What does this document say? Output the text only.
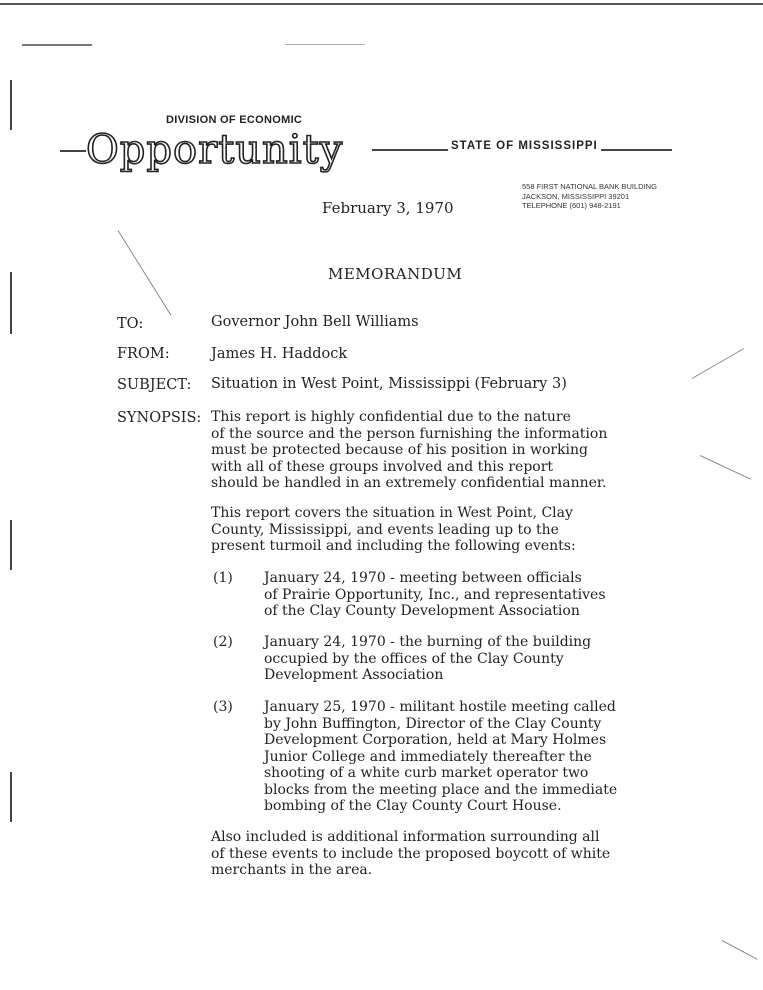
DIVISION OF ECONOMIC
Opportunity	STATE OF MISSISSIPPI
558 FIRST NATIONAL BANK BUILDING
JACKSON, MISSISSIPPI 39201
TELEPHONE (601) 948-2191
February 3, 1970
MEMORANDUM
TO:	Governor John Bell Williams
FROM:	James H. Haddock
SUBJECT: Situation in West Point, Mississippi (February 3)
SYNOPSIS: This report is highly confidential due to the nature
of the source and the person furnishing the information
must be protected because of his position in working
with all of these groups involved and this report
should be handled in an extremely confidential manner.
This report covers the situation in West Point, Clay
County, Mississippi, and events leading up to the
present turmoil and including the following events:
(1) January 24, 1970 - meeting between officials
of Prairie Opportunity, Inc., and representatives
of the Clay County Development Association
(2) January 24, 1970 - the burning of the building
occupied by the offices of the Clay County
Development Association
(3) January 25, 1970 - militant hostile meeting called
by John Buffington, Director of the Clay County
Development Corporation, held at Mary Holmes
Junior College and immediately thereafter the
shooting of a white curb market operator two
blocks from the meeting place and the immediate
bombing of the Clay County Court House.
Also included is additional information surrounding all
of these events to include the proposed boycott of white
merchants in the area.
